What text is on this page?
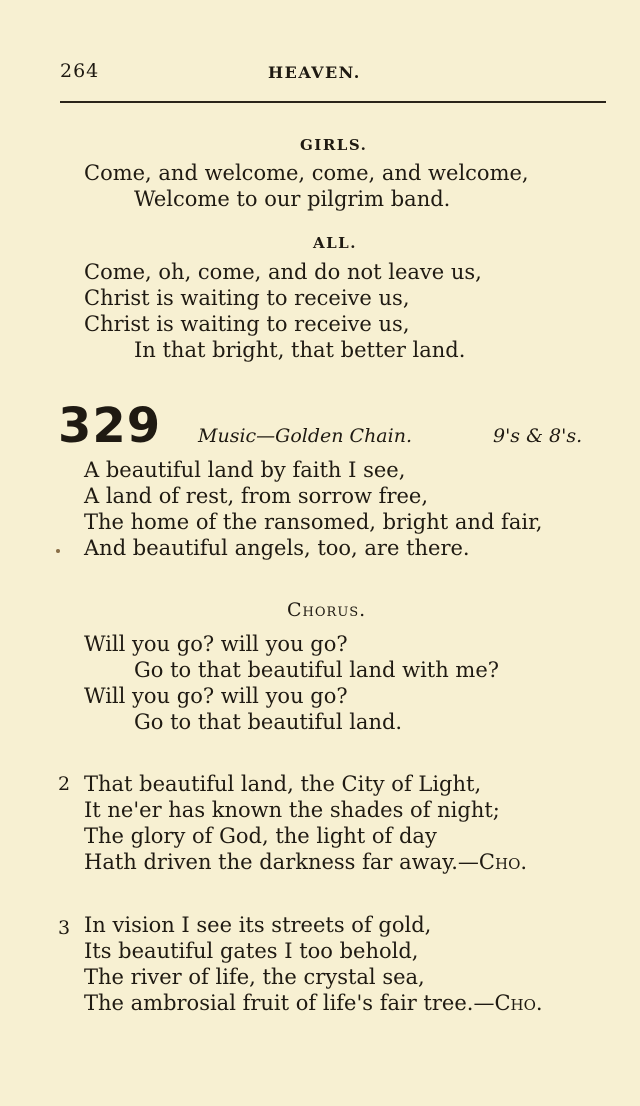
264	HEAVEN.
GIRLS.
Come, and welcome, come, and welcome,
Welcome to our pilgrim band.
ALL.
Come, oh, come, and do not leave us,
Christ is waiting to receive us,
Christ is waiting to receive us,
In that bright, that better land.
329 Music—Golden Chain.	9's & 8's.
A beautiful land by faith I see,
A land of rest, from sorrow free,
The home of the ransomed, bright and fair,
And beautiful angels, too, are there.
Chorus.
Will you go? will you go?
Go to that beautiful land with me?
Will you go? will you go?
Go to that beautiful land.
2 That beautiful land, the City of Light,
It ne'er has known the shades of night;
The glory of God, the light of day
Hath driven the darkness far away.—Cho.
3 In vision I see its streets of gold,
Its beautiful gates I too behold,
The river of life, the crystal sea,
The ambrosial fruit of life's fair tree.—Cho.
